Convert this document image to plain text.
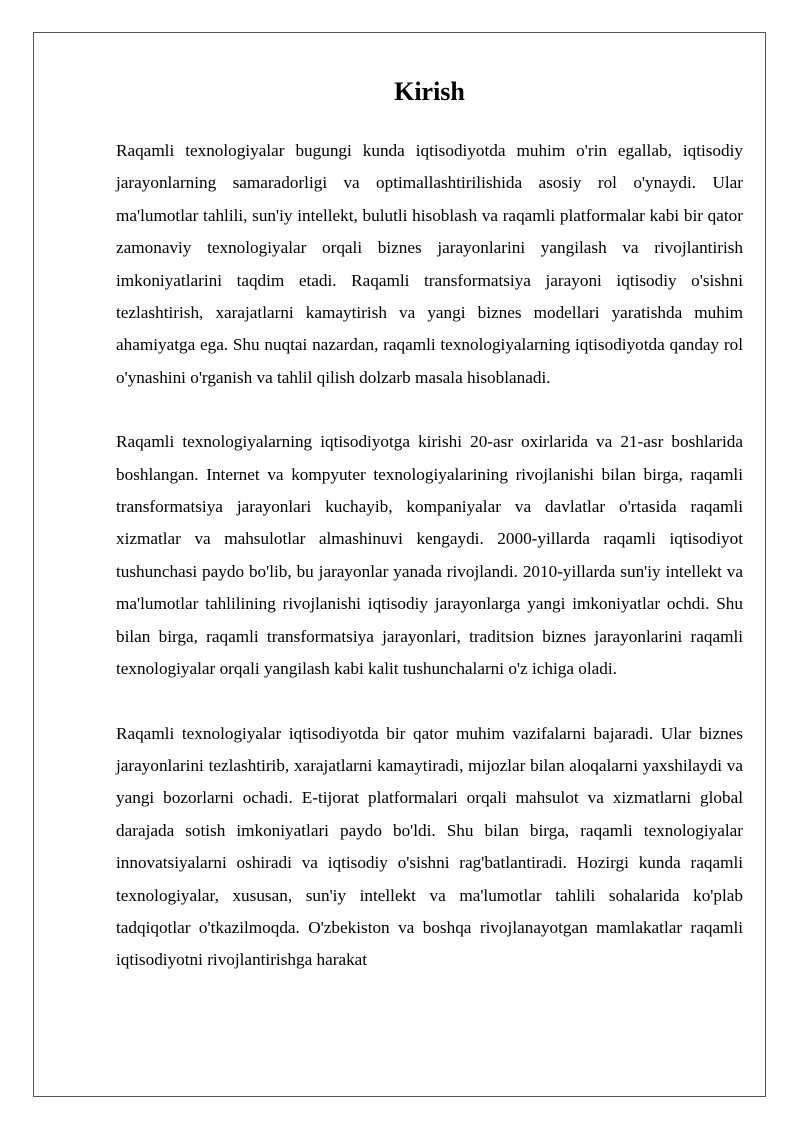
Kirish

Raqamli texnologiyalar bugungi kunda iqtisodiyotda muhim o'rin egallab, iqtisodiy jarayonlarning samaradorligi va optimallashtirilishida asosiy rol o'ynaydi. Ular ma'lumotlar tahlili, sun'iy intellekt, bulutli hisoblash va raqamli platformalar kabi bir qator zamonaviy texnologiyalar orqali biznes jarayonlarini yangilash va rivojlantirish imkoniyatlarini taqdim etadi. Raqamli transformatsiya jarayoni iqtisodiy o'sishni tezlashtirish, xarajatlarni kamaytirish va yangi biznes modellari yaratishda muhim ahamiyatga ega. Shu nuqtai nazardan, raqamli texnologiyalarning iqtisodiyotda qanday rol o'ynashini o'rganish va tahlil qilish dolzarb masala hisoblanadi.

Raqamli texnologiyalarning iqtisodiyotga kirishi 20-asr oxirlarida va 21-asr boshlarida boshlangan. Internet va kompyuter texnologiyalarining rivojlanishi bilan birga, raqamli transformatsiya jarayonlari kuchayib, kompaniyalar va davlatlar o'rtasida raqamli xizmatlar va mahsulotlar almashinuvi kengaydi. 2000-yillarda raqamli iqtisodiyot tushunchasi paydo bo'lib, bu jarayonlar yanada rivojlandi. 2010-yillarda sun'iy intellekt va ma'lumotlar tahlilining rivojlanishi iqtisodiy jarayonlarga yangi imkoniyatlar ochdi. Shu bilan birga, raqamli transformatsiya jarayonlari, traditsion biznes jarayonlarini raqamli texnologiyalar orqali yangilash kabi kalit tushunchalarni o'z ichiga oladi.

Raqamli texnologiyalar iqtisodiyotda bir qator muhim vazifalarni bajaradi. Ular biznes jarayonlarini tezlashtirib, xarajatlarni kamaytiradi, mijozlar bilan aloqalarni yaxshilaydi va yangi bozorlarni ochadi. E-tijorat platformalari orqali mahsulot va xizmatlarni global darajada sotish imkoniyatlari paydo bo'ldi. Shu bilan birga, raqamli texnologiyalar innovatsiyalarni oshiradi va iqtisodiy o'sishni rag'batlantiradi. Hozirgi kunda raqamli texnologiyalar, xususan, sun'iy intellekt va ma'lumotlar tahlili sohalarida ko'plab tadqiqotlar o'tkazilmoqda. O'zbekiston va boshqa rivojlanayotgan mamlakatlar raqamli iqtisodiyotni rivojlantirishga harakat
